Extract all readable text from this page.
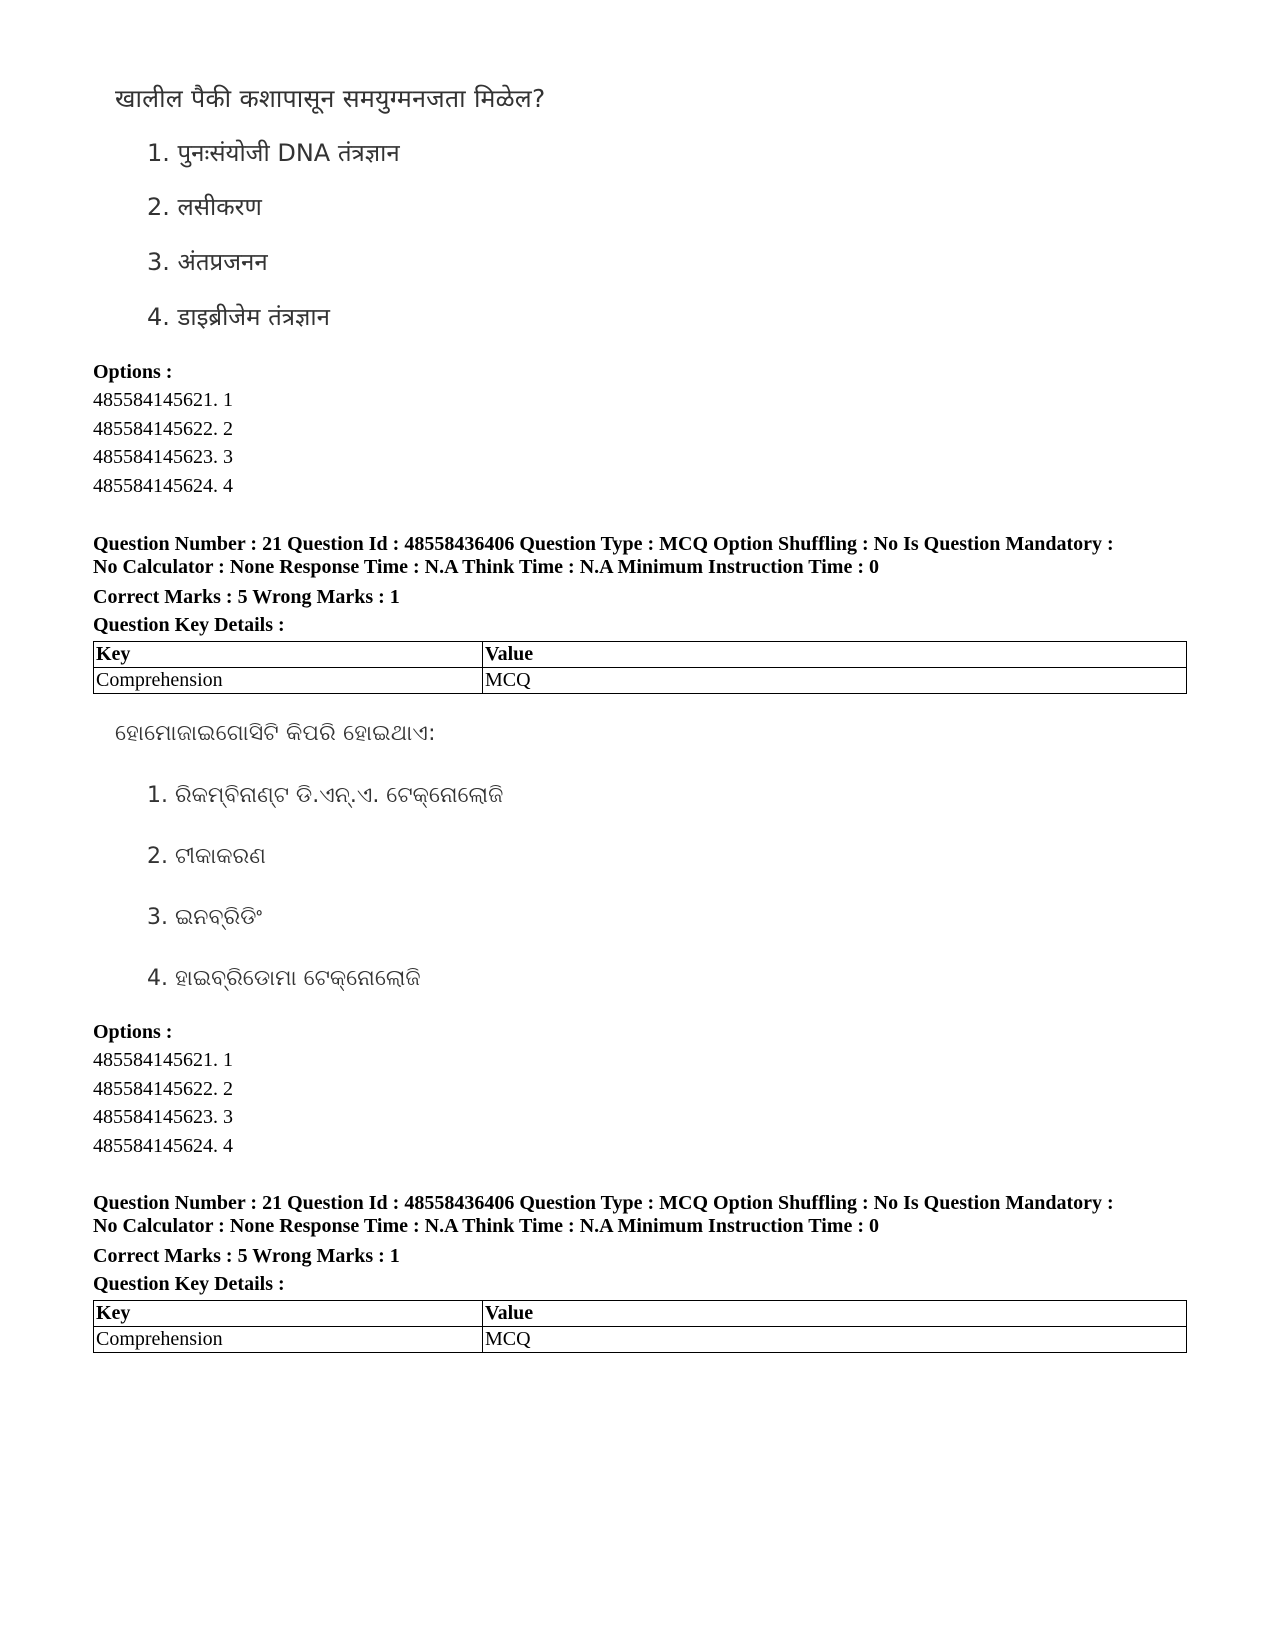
खालील पैकी कशापासून समयुग्मनजता मिळेल?
1. पुनःसंयोजी DNA तंत्रज्ञान
2. लसीकरण
3. अंतप्रजनन
4. डाइब्रीजेम तंत्रज्ञान
Options :
485584145621. 1
485584145622. 2
485584145623. 3
485584145624. 4
Question Number : 21 Question Id : 48558436406 Question Type : MCQ Option Shuffling : No Is Question Mandatory :
No Calculator : None Response Time : N.A Think Time : N.A Minimum Instruction Time : 0
Correct Marks : 5 Wrong Marks : 1
Question Key Details :
Key	Value
Comprehension	MCQ
ହୋମୋଜାଇଗୋସିଟି କିପରି ହୋଇଥାଏ:
1. ରିକମ୍ବିନାଣ୍ଟ ଡି.ଏନ୍.ଏ. ଟେକ୍ନୋଲୋଜି
2. ଟୀକାକରଣ
3. ଇନବ୍ରିଡିଂ
4. ହାଇବ୍ରିଡୋମା ଟେକ୍ନୋଲୋଜି
Options :
485584145621. 1
485584145622. 2
485584145623. 3
485584145624. 4
Question Number : 21 Question Id : 48558436406 Question Type : MCQ Option Shuffling : No Is Question Mandatory :
No Calculator : None Response Time : N.A Think Time : N.A Minimum Instruction Time : 0
Correct Marks : 5 Wrong Marks : 1
Question Key Details :
Key	Value
Comprehension	MCQ
